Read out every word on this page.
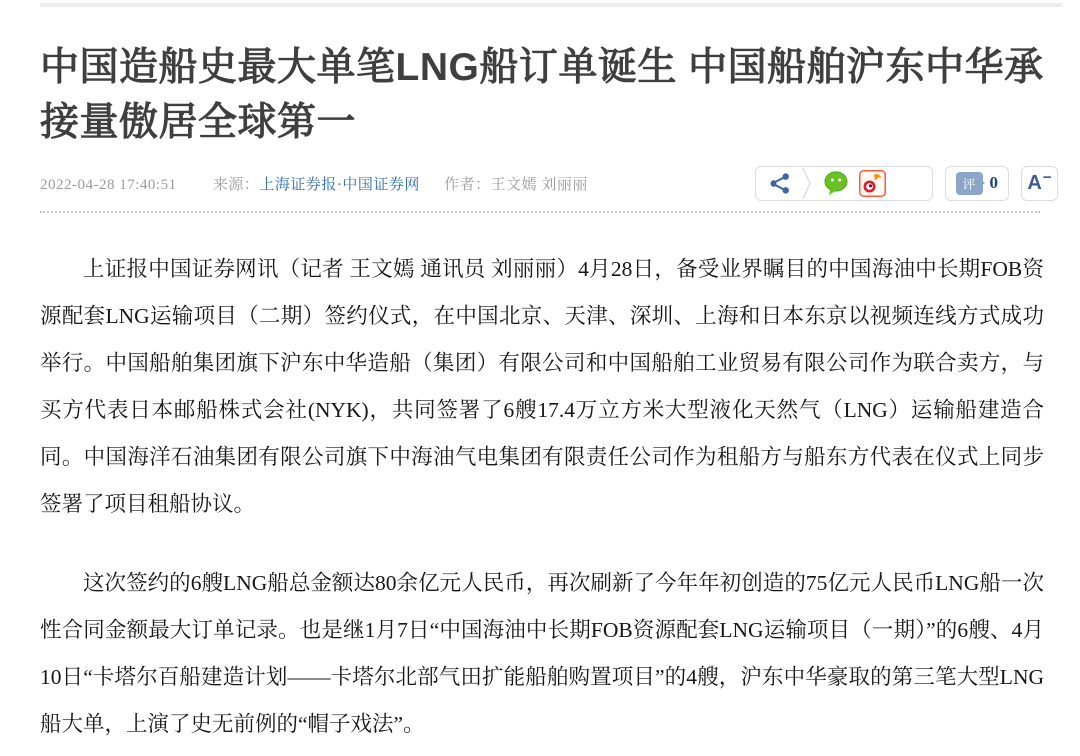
中国造船史最大单笔LNG船订单诞生 中国船舶沪东中华承接量傲居全球第一
2022-04-28 17:40:51 来源：上海证券报·中国证券网 作者：王文嫣 刘丽丽	评 0 A −

上证报中国证券网讯（记者 王文嫣 通讯员 刘丽丽）4月28日，备受业界瞩目的中国海油中长期FOB资源配套LNG运输项目（二期）签约仪式，在中国北京、天津、深圳、上海和日本东京以视频连线方式成功举行。中国船舶集团旗下沪东中华造船（集团）有限公司和中国船舶工业贸易有限公司作为联合卖方，与买方代表日本邮船株式会社(NYK)，共同签署了6艘17.4万立方米大型液化天然气（LNG）运输船建造合同。中国海洋石油集团有限公司旗下中海油气电集团有限责任公司作为租船方与船东方代表在仪式上同步签署了项目租船协议。

这次签约的6艘LNG船总金额达80余亿元人民币，再次刷新了今年年初创造的75亿元人民币LNG船一次性合同金额最大订单记录。也是继1月7日“中国海油中长期FOB资源配套LNG运输项目（一期）”的6艘、4月10日“卡塔尔百船建造计划——卡塔尔北部气田扩能船舶购置项目”的4艘，沪东中华豪取的第三笔大型LNG船大单，上演了史无前例的“帽子戏法”。
